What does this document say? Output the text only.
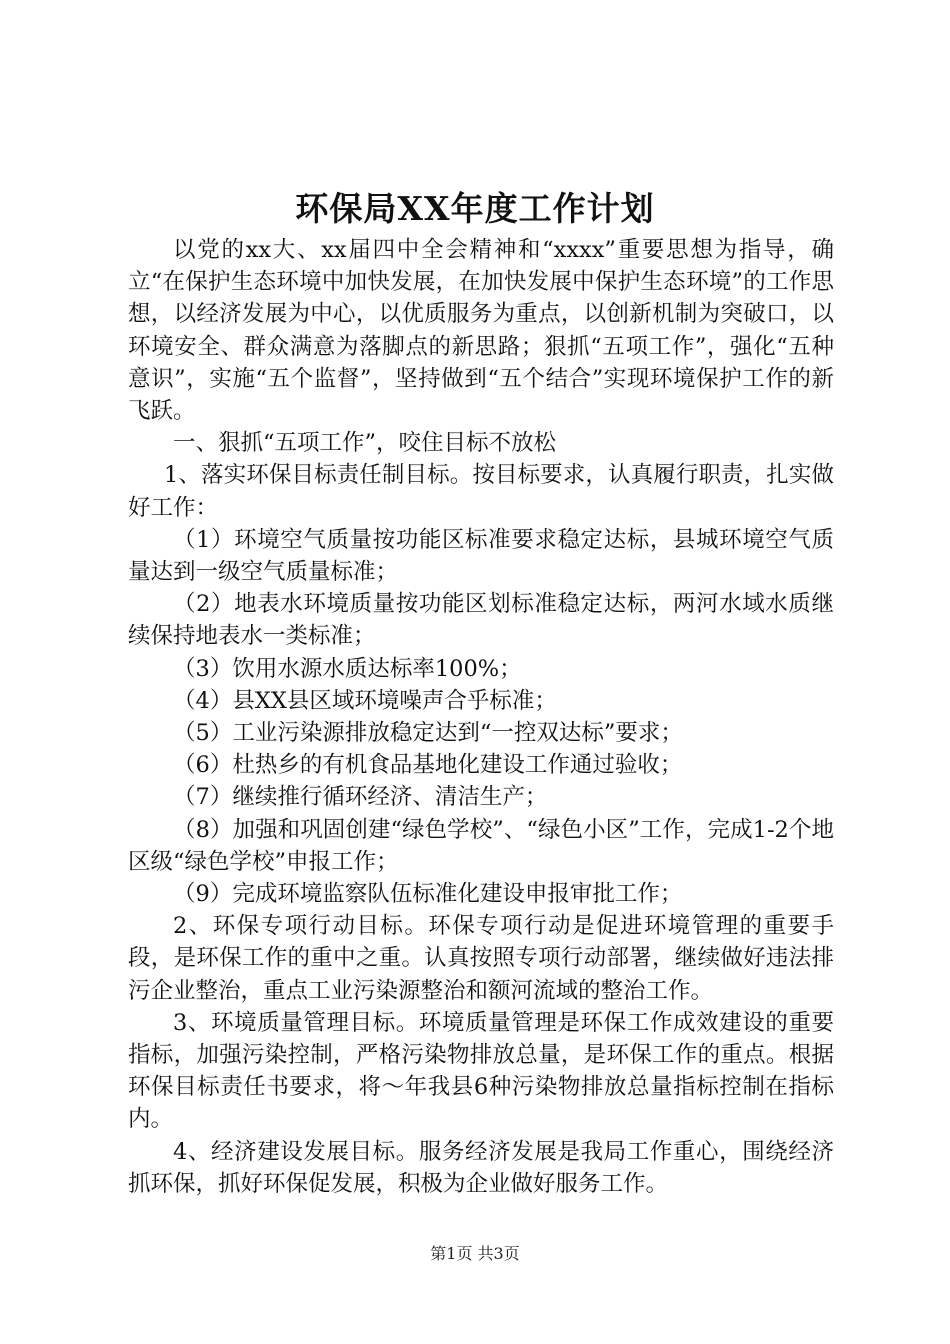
环保局XX年度工作计划

以党的xx大、xx届四中全会精神和“xxxx”重要思想为指导，确立“在保护生态环境中加快发展，在加快发展中保护生态环境”的工作思想，以经济发展为中心，以优质服务为重点，以创新机制为突破口，以环境安全、群众满意为落脚点的新思路；狠抓“五项工作”，强化“五种意识”，实施“五个监督”，坚持做到“五个结合”实现环境保护工作的新飞跃。

一、狠抓“五项工作”，咬住目标不放松

1、落实环保目标责任制目标。按目标要求，认真履行职责，扎实做好工作：

（1）环境空气质量按功能区标准要求稳定达标，县城环境空气质量达到一级空气质量标准；

（2）地表水环境质量按功能区划标准稳定达标，两河水域水质继续保持地表水一类标准；

（3）饮用水源水质达标率100%；

（4）县XX县区域环境噪声合乎标准；

（5）工业污染源排放稳定达到“一控双达标”要求；

（6）杜热乡的有机食品基地化建设工作通过验收；

（7）继续推行循环经济、清洁生产；

（8）加强和巩固创建“绿色学校”、“绿色小区”工作，完成1-2个地区级“绿色学校”申报工作；

（9）完成环境监察队伍标准化建设申报审批工作；

2、环保专项行动目标。环保专项行动是促进环境管理的重要手段，是环保工作的重中之重。认真按照专项行动部署，继续做好违法排污企业整治，重点工业污染源整治和额河流域的整治工作。

3、环境质量管理目标。环境质量管理是环保工作成效建设的重要指标，加强污染控制，严格污染物排放总量，是环保工作的重点。根据环保目标责任书要求，将～年我县6种污染物排放总量指标控制在指标内。

4、经济建设发展目标。服务经济发展是我局工作重心，围绕经济抓环保，抓好环保促发展，积极为企业做好服务工作。

第1页 共3页
